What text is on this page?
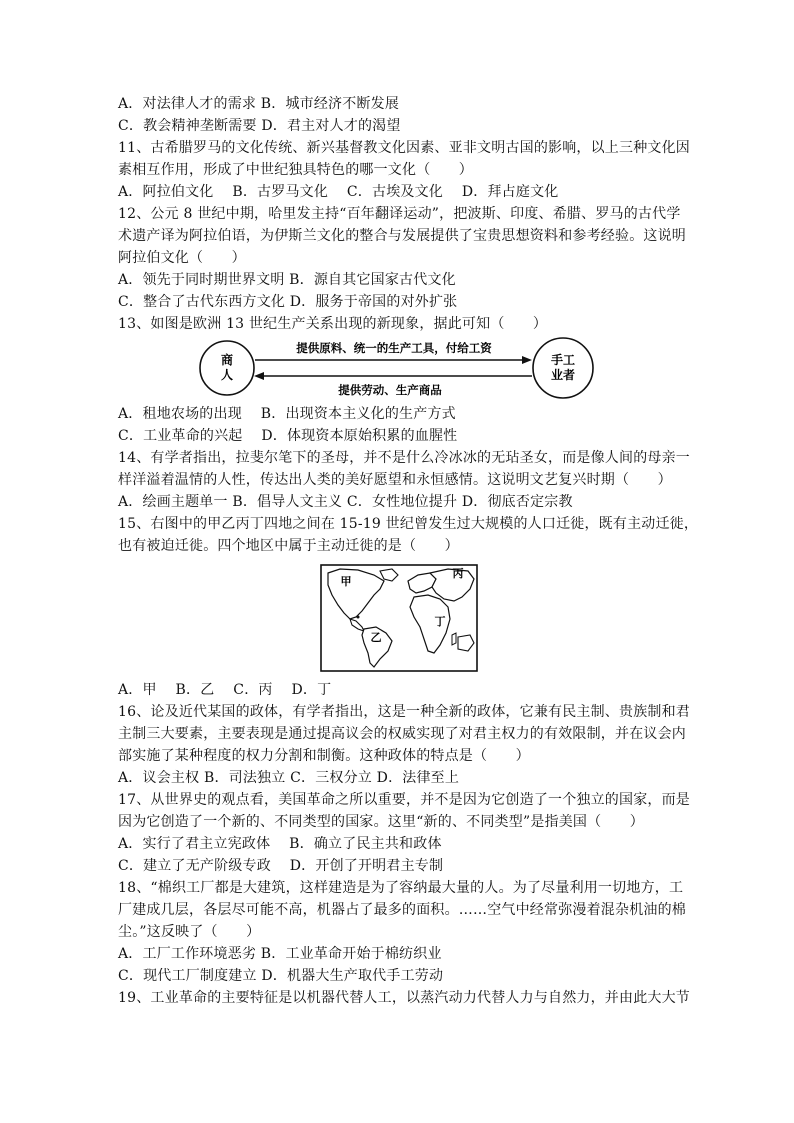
A．对法律人才的需求 B．城市经济不断发展
C．教会精神垄断需要 D．君主对人才的渴望
11、古希腊罗马的文化传统、新兴基督教文化因素、亚非文明古国的影响，以上三种文化因
素相互作用，形成了中世纪独具特色的哪一文化（　　）
A．阿拉伯文化　 B．古罗马文化　 C．古埃及文化　 D．拜占庭文化
12、公元 8 世纪中期，哈里发主持“百年翻译运动”，把波斯、印度、希腊、罗马的古代学
术遗产译为阿拉伯语，为伊斯兰文化的整合与发展提供了宝贵思想资料和参考经验。这说明
阿拉伯文化（　　）
A．领先于同时期世界文明 B．源自其它国家古代文化
C．整合了古代东西方文化 D．服务于帝国的对外扩张
13、如图是欧洲 13 世纪生产关系出现的新现象，据此可知（　　）
商
人
手工
业者
提供原料、统一的生产工具，付给工资
提供劳动、生产商品
A．租地农场的出现　 B．出现资本主义化的生产方式
C．工业革命的兴起　 D．体现资本原始积累的血腥性
14、有学者指出，拉斐尔笔下的圣母，并不是什么冷冰冰的无玷圣女，而是像人间的母亲一
样洋溢着温情的人性，传达出人类的美好愿望和永恒感情。这说明文艺复兴时期（　　）
A．绘画主题单一 B．倡导人文主义 C．女性地位提升 D．彻底否定宗教
15、右图中的甲乙丙丁四地之间在 15-19 世纪曾发生过大规模的人口迁徙，既有主动迁徙，
也有被迫迁徙。四个地区中属于主动迁徙的是（　　）
甲
乙
丙
丁
A．甲　 B．乙　 C．丙　 D．丁
16、论及近代某国的政体，有学者指出，这是一种全新的政体，它兼有民主制、贵族制和君
主制三大要素，主要表现是通过提高议会的权威实现了对君主权力的有效限制，并在议会内
部实施了某种程度的权力分割和制衡。这种政体的特点是（　　）
A．议会主权 B．司法独立 C．三权分立 D．法律至上
17、从世界史的观点看，美国革命之所以重要，并不是因为它创造了一个独立的国家，而是
因为它创造了一个新的、不同类型的国家。这里“新的、不同类型”是指美国（　　）
A．实行了君主立宪政体　 B．确立了民主共和政体
C．建立了无产阶级专政　 D．开创了开明君主专制
18、“棉织工厂都是大建筑，这样建造是为了容纳最大量的人。为了尽量利用一切地方，工
厂建成几层，各层尽可能不高，机器占了最多的面积。……空气中经常弥漫着混杂机油的棉
尘。”这反映了（　　）
A．工厂工作环境恶劣 B．工业革命开始于棉纺织业
C．现代工厂制度建立 D．机器大生产取代手工劳动
19、工业革命的主要特征是以机器代替人工，以蒸汽动力代替人力与自然力，并由此大大节
